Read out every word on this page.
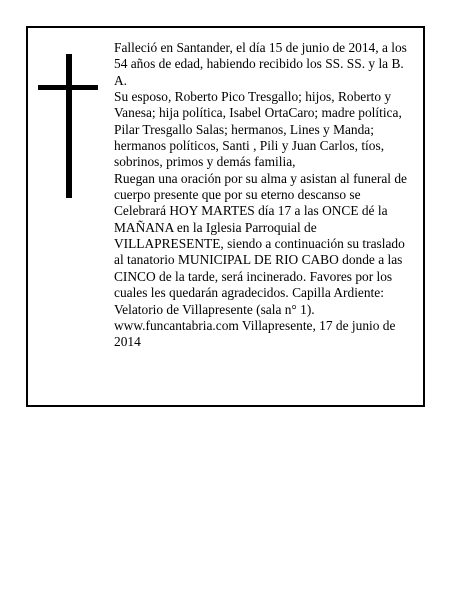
Falleció en Santander, el día 15 de junio de 2014, a los 54 años de edad, habiendo recibido los SS. SS. y la B. A.

Su esposo, Roberto Pico Tresgallo; hijos, Roberto y Vanesa; hija política, Isabel OrtaCaro; madre política, Pilar Tresgallo Salas; hermanos, Lines y Manda; hermanos políticos, Santi , Pili y Juan Carlos, tíos, sobrinos, primos y demás familia,

Ruegan una oración por su alma y asistan al funeral de cuerpo presente que por su eterno descanso se Celebrará HOY MARTES día 17 a las ONCE dé la MAÑANA en la Iglesia Parroquial de VILLAPRESENTE, siendo a continuación su traslado al tanatorio MUNICIPAL DE RIO CABO donde a las CINCO de la tarde, será incinerado. Favores por los cuales les quedarán agradecidos. Capilla Ardiente: Velatorio de Villapresente (sala n° 1).

www.funcantabria.com Villapresente, 17 de junio de 2014
